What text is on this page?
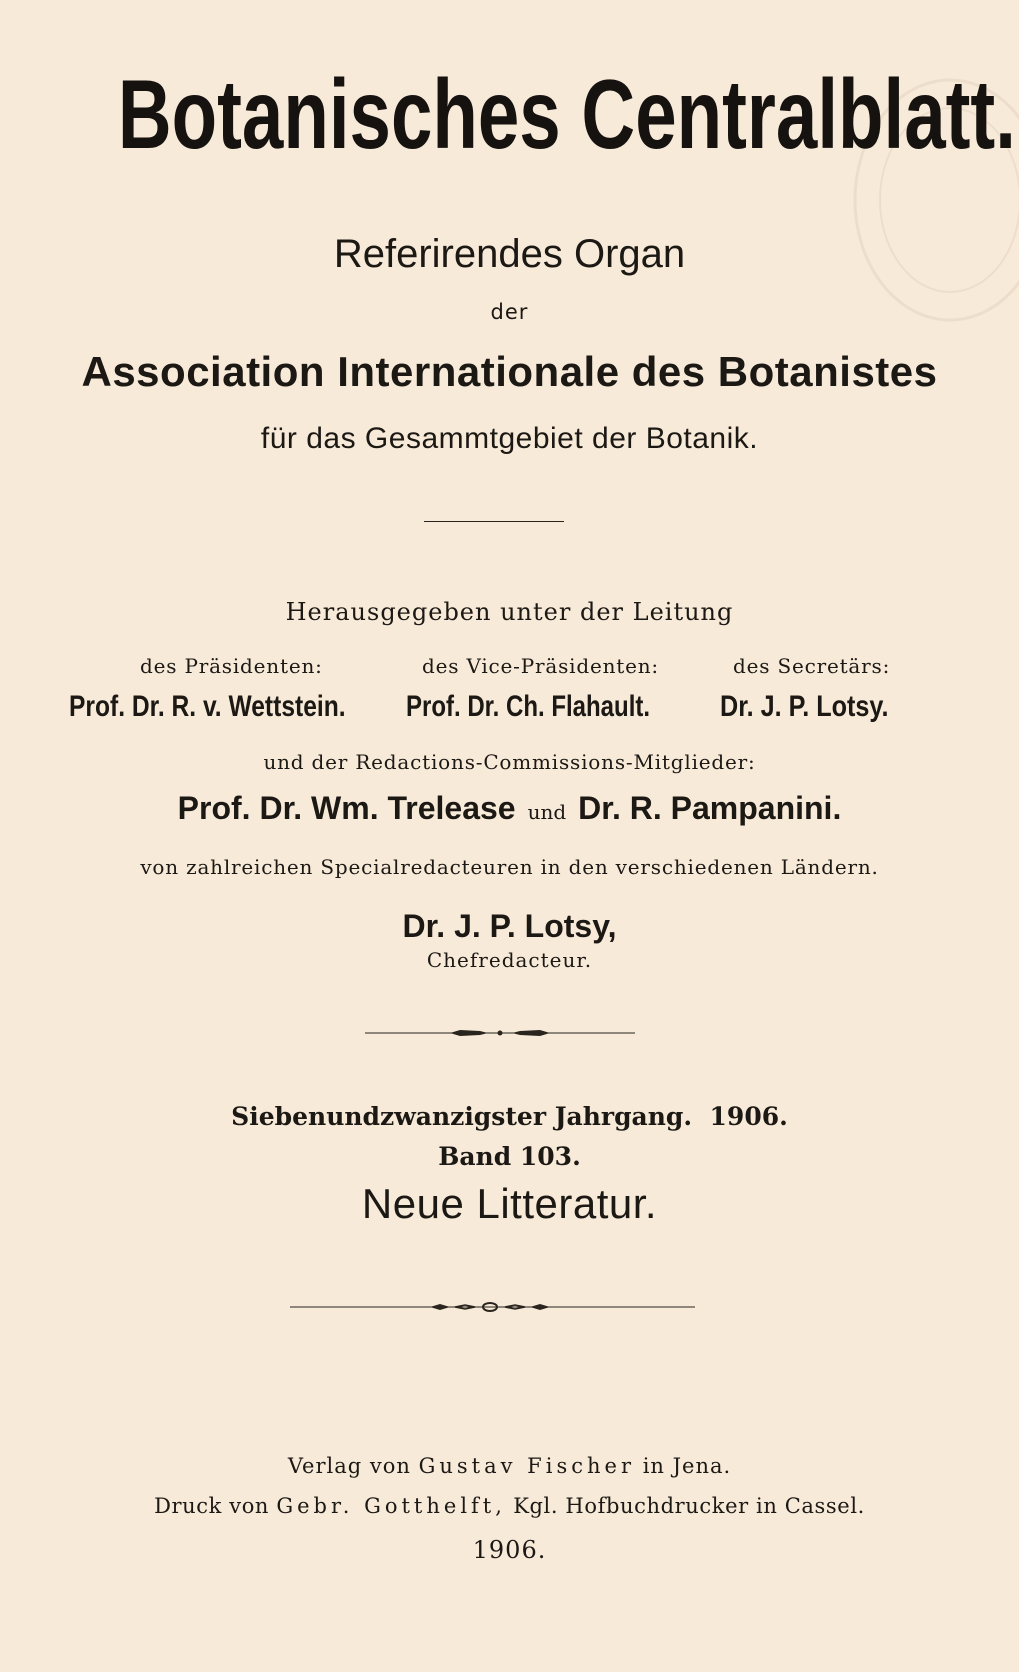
Botanisches Centralblatt.
Referirendes Organ
der
Association Internationale des Botanistes
für das Gesammtgebiet der Botanik.
Herausgegeben unter der Leitung
des Präsidenten:	des Vice-Präsidenten:	des Secretärs:
Prof. Dr. R. v. Wettstein. Prof. Dr. Ch. Flahault. Dr. J. P. Lotsy.
und der Redactions-Commissions-Mitglieder:
Prof. Dr. Wm. Trelease und Dr. R. Pampanini.
von zahlreichen Specialredacteuren in den verschiedenen Ländern.
Dr. J. P. Lotsy,
Chefredacteur.
Siebenundzwanzigster Jahrgang. 1906.
Band 103.
Neue Litteratur.
Verlag von Gustav Fischer in Jena.
Druck von Gebr. Gotthelft, Kgl. Hofbuchdrucker in Cassel.
1906.
